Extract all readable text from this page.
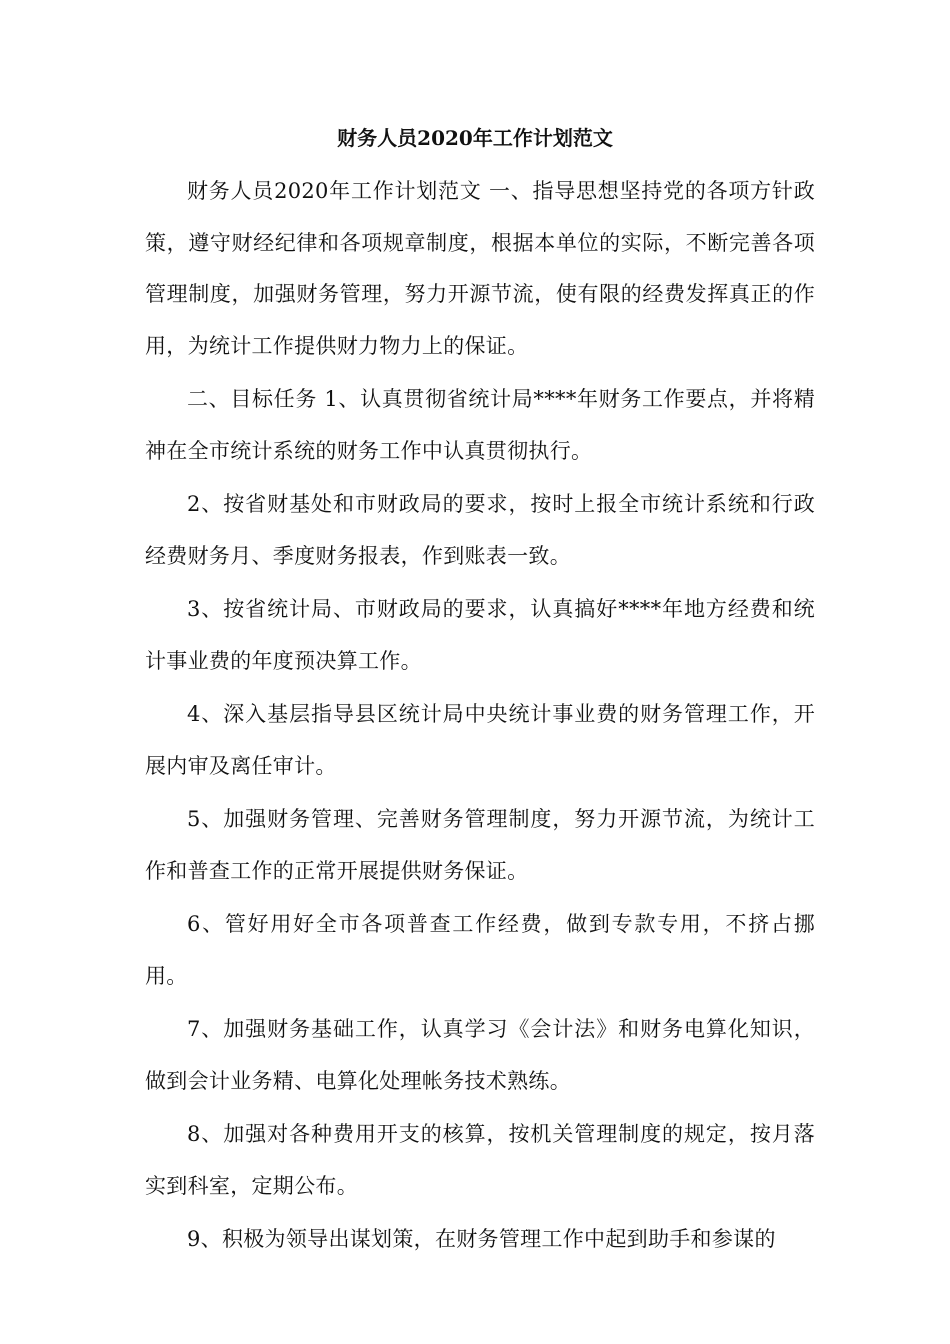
财务人员2020年工作计划范文

财务人员2020年工作计划范文 一、指导思想坚持党的各项方针政策，遵守财经纪律和各项规章制度，根据本单位的实际，不断完善各项管理制度，加强财务管理，努力开源节流，使有限的经费发挥真正的作用，为统计工作提供财力物力上的保证。

二、目标任务 1、认真贯彻省统计局****年财务工作要点，并将精神在全市统计系统的财务工作中认真贯彻执行。

2、按省财基处和市财政局的要求，按时上报全市统计系统和行政经费财务月、季度财务报表，作到账表一致。

3、按省统计局、市财政局的要求，认真搞好****年地方经费和统计事业费的年度预决算工作。

4、深入基层指导县区统计局中央统计事业费的财务管理工作，开展内审及离任审计。

5、加强财务管理、完善财务管理制度，努力开源节流，为统计工作和普查工作的正常开展提供财务保证。

6、管好用好全市各项普查工作经费，做到专款专用，不挤占挪用。

7、加强财务基础工作，认真学习《会计法》和财务电算化知识， 做到会计业务精、电算化处理帐务技术熟练。

8、加强对各种费用开支的核算，按机关管理制度的规定，按月落实到科室，定期公布。

9、积极为领导出谋划策，在财务管理工作中起到助手和参谋的
